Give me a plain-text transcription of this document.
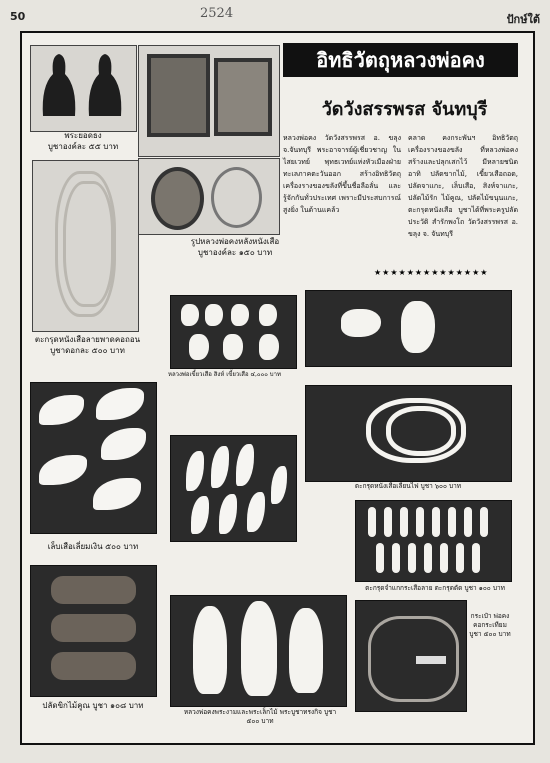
50	2524	ปักษ์ใต้
พระยอดธง
บูชาองค์ละ ๕๕ บาท
รูปหลวงพ่อคงหลังหนังเสือ
บูชาองค์ละ ๑๕๐ บาท
ตะกรุดหนังเสือลายพาดคอถอน
บูชาดอกละ ๕๐๐ บาท
อิทธิวัตถุหลวงพ่อคง
วัดวังสรรพรส จันทบุรี
หลวงพ่อคง วัดวังสรรพรส อ. ขลุง จ.จันทบุรี พระอาจารย์ผู้เชี่ยวชาญ ในไสยเวทย์ พุทธเวทย์แห่งหัวเมืองฝ่ายทะเลภาคตะวันออก สร้างอิทธิวัตถุเครื่องรางของขลังที่ขึ้นชื่อลือลั่น และรู้จักกันทั่วประเทศ เพราะมีประสบการณ์สูงยิ่ง ในด้านแคล้ว
คลาด คงกระพันฯ อิทธิวัตถุเครื่องรางของขลัง ที่หลวงพ่อคง สร้างและปลุกเสกไว้ มีหลายชนิด อาทิ ปลัดขากไม้, เขี้ยวเสือถอด, ปลัดจาแกะ, เล็บเสือ, สิงห์จาแกะ, ปลัดไม้รัก ไม้คูณ, ปลัดไม้ขนุนแกะ, ตะกรุดหนังเสือ บูชาได้ที่พระครูปลัดประวัติ สำรักพงโถ วัดวังสรรพรส อ. ขลุง จ. จันทบุรี
★★★★★★★★★★★★★★
หลวงพ่อเขี้ยวเสือ สิงห์ เขี้ยวเสือ ๔,๐๐๐ บาท
เล็บเสือเลี่ยมเงิน ๕๐๐ บาท
ตะกรุดหนังเสือเลียนไฟ บูชา ๖๐๐ บาท
ตะกรุดจำแกกระเสือลาย ตะกรุดตัด บูชา ๑๐๐ บาท
ปลัดขิกไม้คูณ บูชา ๑๐๘ บาท
หลวงพ่อคงพระงามและพระเล็กไม้ พระบูชาทรงกิจ บูชา ๕๐๐ บาท
กระเป๋า พ่อคง คอกระเทียม บูชา ๕๐๐ บาท
